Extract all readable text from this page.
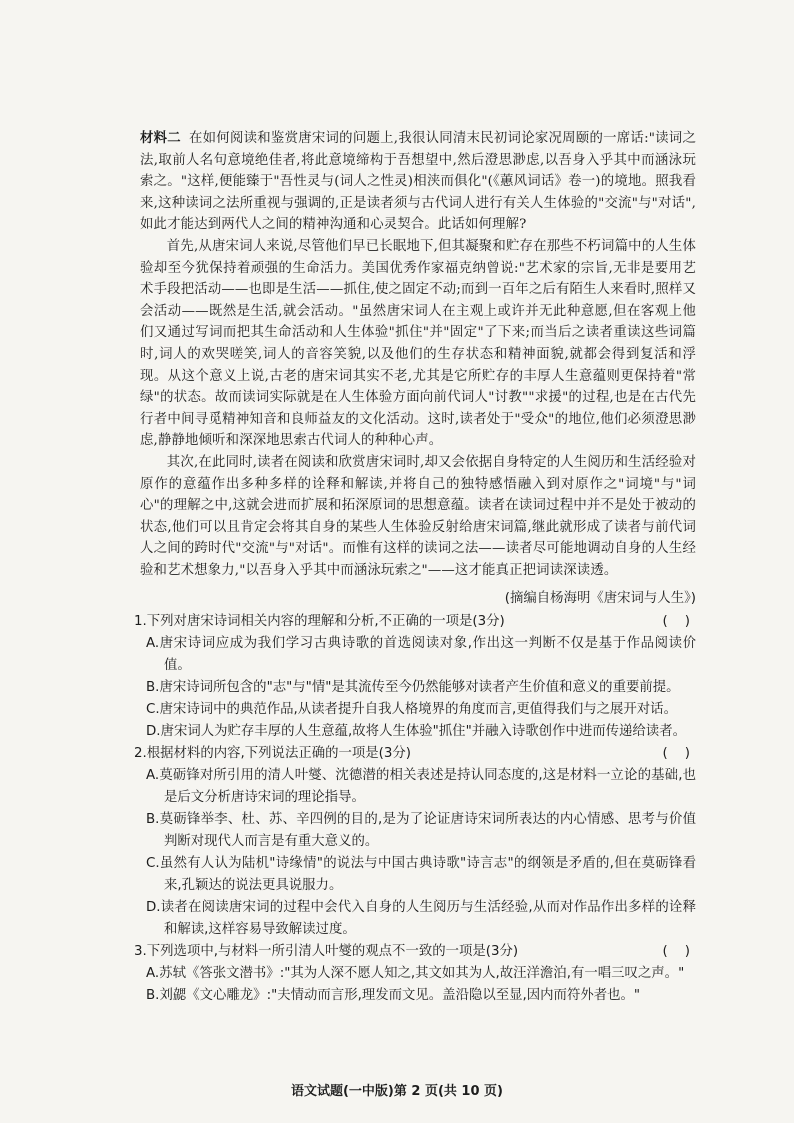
材料二 在如何阅读和鉴赏唐宋词的问题上,我很认同清末民初词论家况周颐的一席话:"读词之法,取前人名句意境绝佳者,将此意境缔构于吾想望中,然后澄思渺虑,以吾身入乎其中而涵泳玩索之。"这样,便能臻于"吾性灵与(词人之性灵)相浃而俱化"(《蕙风词话》卷一)的境地。照我看来,这种读词之法所重视与强调的,正是读者须与古代词人进行有关人生体验的"交流"与"对话",如此才能达到两代人之间的精神沟通和心灵契合。此话如何理解?

首先,从唐宋词人来说,尽管他们早已长眠地下,但其凝聚和贮存在那些不朽词篇中的人生体验却至今犹保持着顽强的生命活力。美国优秀作家福克纳曾说:"艺术家的宗旨,无非是要用艺术手段把活动——也即是生活——抓住,使之固定不动;而到一百年之后有陌生人来看时,照样又会活动——既然是生活,就会活动。"虽然唐宋词人在主观上或许并无此种意愿,但在客观上他们又通过写词而把其生命活动和人生体验"抓住"并"固定"了下来;而当后之读者重读这些词篇时,词人的欢哭嗟笑,词人的音容笑貌,以及他们的生存状态和精神面貌,就都会得到复活和浮现。从这个意义上说,古老的唐宋词其实不老,尤其是它所贮存的丰厚人生意蕴则更保持着"常绿"的状态。故而读词实际就是在人生体验方面向前代词人"讨教""求援"的过程,也是在古代先行者中间寻觅精神知音和良师益友的文化活动。这时,读者处于"受众"的地位,他们必须澄思渺虑,静静地倾听和深深地思索古代词人的种种心声。

其次,在此同时,读者在阅读和欣赏唐宋词时,却又会依据自身特定的人生阅历和生活经验对原作的意蕴作出多种多样的诠释和解读,并将自己的独特感悟融入到对原作之"词境"与"词心"的理解之中,这就会进而扩展和拓深原词的思想意蕴。读者在读词过程中并不是处于被动的状态,他们可以且肯定会将其自身的某些人生体验反射给唐宋词篇,继此就形成了读者与前代词人之间的跨时代"交流"与"对话"。而惟有这样的读词之法——读者尽可能地调动自身的人生经验和艺术想象力,"以吾身入乎其中而涵泳玩索之"——这才能真正把词读深读透。

(摘编自杨海明《唐宋词与人生》)
1.下列对唐宋诗词相关内容的理解和分析,不正确的一项是(3分)	(    )
A.唐宋诗词应成为我们学习古典诗歌的首选阅读对象,作出这一判断不仅是基于作品阅读价值。
B.唐宋诗词所包含的"志"与"情"是其流传至今仍然能够对读者产生价值和意义的重要前提。
C.唐宋诗词中的典范作品,从读者提升自我人格境界的角度而言,更值得我们与之展开对话。
D.唐宋词人为贮存丰厚的人生意蕴,故将人生体验"抓住"并融入诗歌创作中进而传递给读者。
2.根据材料的内容,下列说法正确的一项是(3分)	(    )
A.莫砺锋对所引用的清人叶燮、沈德潜的相关表述是持认同态度的,这是材料一立论的基础,也是后文分析唐诗宋词的理论指导。
B.莫砺锋举李、杜、苏、辛四例的目的,是为了论证唐诗宋词所表达的内心情感、思考与价值判断对现代人而言是有重大意义的。
C.虽然有人认为陆机"诗缘情"的说法与中国古典诗歌"诗言志"的纲领是矛盾的,但在莫砺锋看来,孔颖达的说法更具说服力。
D.读者在阅读唐宋词的过程中会代入自身的人生阅历与生活经验,从而对作品作出多样的诠释和解读,这样容易导致解读过度。
3.下列选项中,与材料一所引清人叶燮的观点不一致的一项是(3分)	(    )
A.苏轼《答张文潜书》:"其为人深不愿人知之,其文如其为人,故汪洋澹泊,有一唱三叹之声。"
B.刘勰《文心雕龙》:"夫情动而言形,理发而文见。盖沿隐以至显,因内而符外者也。"
语文试题(一中版)第 2 页(共 10 页)
